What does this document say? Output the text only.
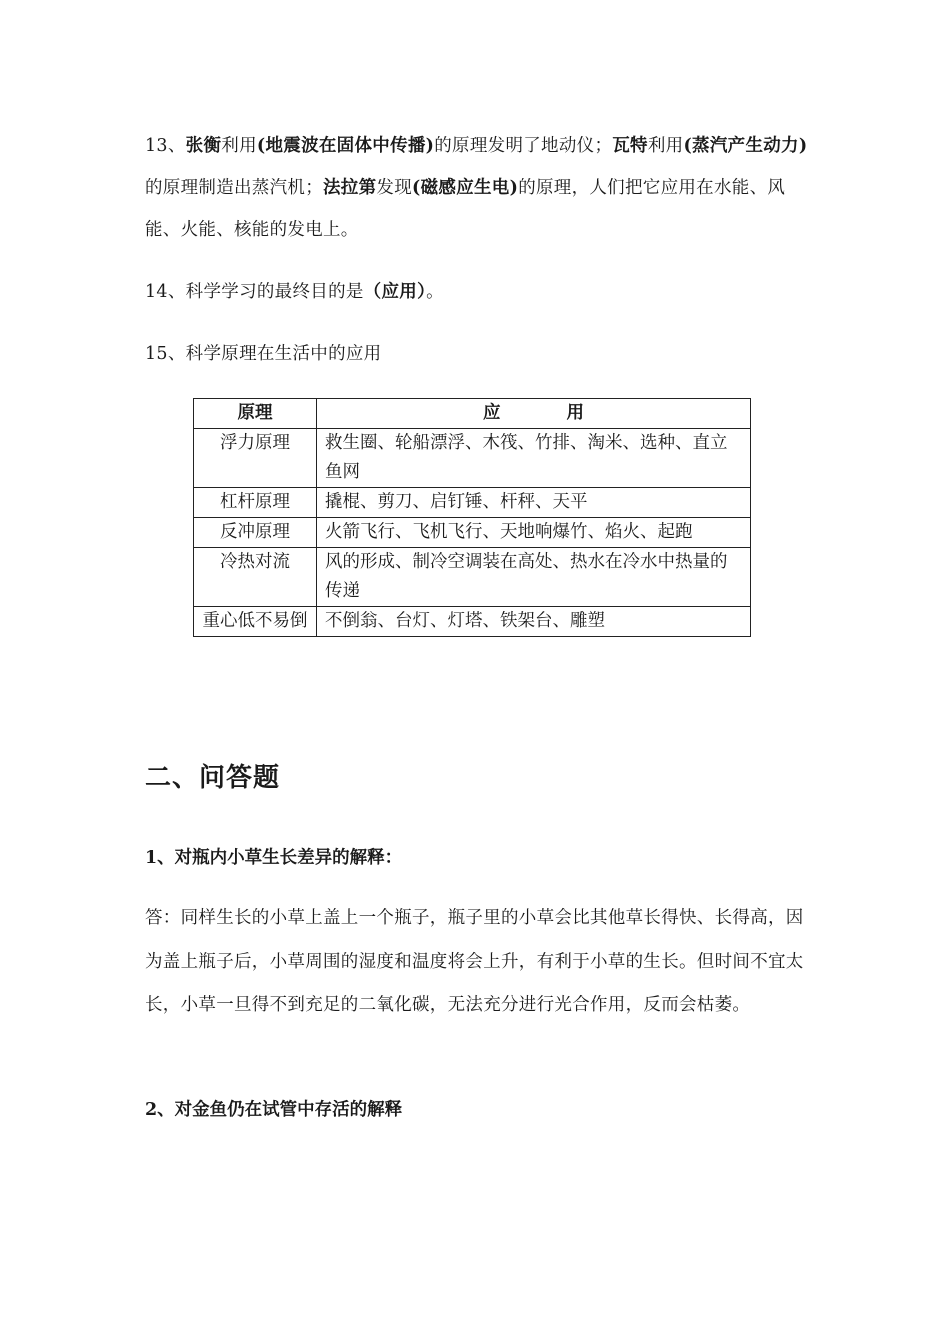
13、张衡利用(地震波在固体中传播)的原理发明了地动仪；瓦特利用(蒸汽产生动力)的原理制造出蒸汽机；法拉第发现(磁感应生电)的原理，人们把它应用在水能、风能、火能、核能的发电上。

14、科学学习的最终目的是（应用）。

15、科学原理在生活中的应用

原理	应 用
浮力原理	救生圈、轮船漂浮、木筏、竹排、淘米、选种、直立鱼网
杠杆原理	撬棍、剪刀、启钉锤、杆秤、天平
反冲原理	火箭飞行、飞机飞行、天地响爆竹、焰火、起跑
冷热对流	风的形成、制冷空调装在高处、热水在冷水中热量的传递
重心低不易倒	不倒翁、台灯、灯塔、铁架台、雕塑
二、问答题

1、对瓶内小草生长差异的解释：

答：同样生长的小草上盖上一个瓶子，瓶子里的小草会比其他草长得快、长得高，因为盖上瓶子后，小草周围的湿度和温度将会上升，有利于小草的生长。但时间不宜太长，小草一旦得不到充足的二氧化碳，无法充分进行光合作用，反而会枯萎。

2、对金鱼仍在试管中存活的解释
